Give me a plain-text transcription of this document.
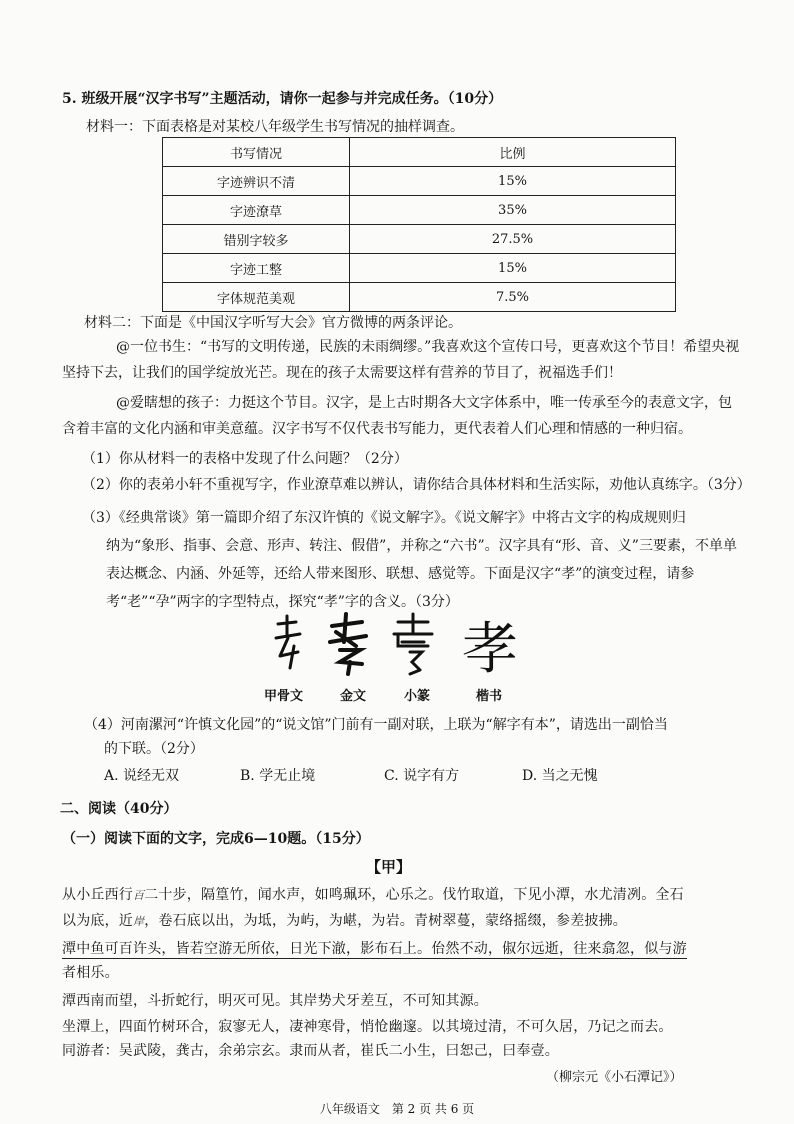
5. 班级开展“汉字书写”主题活动，请你一起参与并完成任务。（10分）
材料一：下面表格是对某校八年级学生书写情况的抽样调查。
书写情况	比例
字迹辨识不清	15%
字迹潦草	35%
错别字较多	27.5%
字迹工整	15%
字体规范美观	7.5%
材料二：下面是《中国汉字听写大会》官方微博的两条评论。
@一位书生：“书写的文明传递，民族的未雨绸缪。”我喜欢这个宣传口号，更喜欢这个节目！希望央视坚持下去，让我们的国学绽放光芒。现在的孩子太需要这样有营养的节目了，祝福选手们！
@爱瞎想的孩子：力挺这个节目。汉字，是上古时期各大文字体系中，唯一传承至今的表意文字，包含着丰富的文化内涵和审美意蕴。汉字书写不仅代表书写能力，更代表着人们心理和情感的一种归宿。
（1）你从材料一的表格中发现了什么问题？（2分）
（2）你的表弟小轩不重视写字，作业潦草难以辨认，请你结合具体材料和生活实际，劝他认真练字。（3分）
（3）《经典常谈》第一篇即介绍了东汉许慎的《说文解字》。《说文解字》中将古文字的构成规则归
纳为“象形、指事、会意、形声、转注、假借”，并称之“六书”。汉字具有“形、音、义”三要素，不单单表达概念、内涵、外延等，还给人带来图形、联想、感觉等。下面是汉字“孝”的演变过程，请参考“老”“孕”两字的字型特点，探究“孝”字的含义。（3分）
孝
甲骨文	金文	小篆	楷书
（4）河南漯河“许慎文化园”的“说文馆”门前有一副对联，上联为“解字有本”，请选出一副恰当
的下联。（2分）
A. 说经无双	B. 学无止境	C. 说字有方	D. 当之无愧
二、阅读（40分）
（一）阅读下面的文字，完成6—10题。（15分）
【甲】
从小丘西行百二十步，隔篁竹，闻水声，如鸣珮环，心乐之。伐竹取道，下见小潭，水尤清冽。全石
以为底，近岸，卷石底以出，为坻，为屿，为嵁，为岩。青树翠蔓，蒙络摇缀，参差披拂。
潭中鱼可百许头，皆若空游无所依，日光下澈，影布石上。佁然不动，俶尔远逝，往来翕忽，似与游
者相乐。
潭西南而望，斗折蛇行，明灭可见。其岸势犬牙差互，不可知其源。
坐潭上，四面竹树环合，寂寥无人，凄神寒骨，悄怆幽邃。以其境过清，不可久居，乃记之而去。
同游者：吴武陵，龚古，余弟宗玄。隶而从者，崔氏二小生，曰恕己，曰奉壹。
（柳宗元《小石潭记》）
八年级语文　第 2 页 共 6 页
